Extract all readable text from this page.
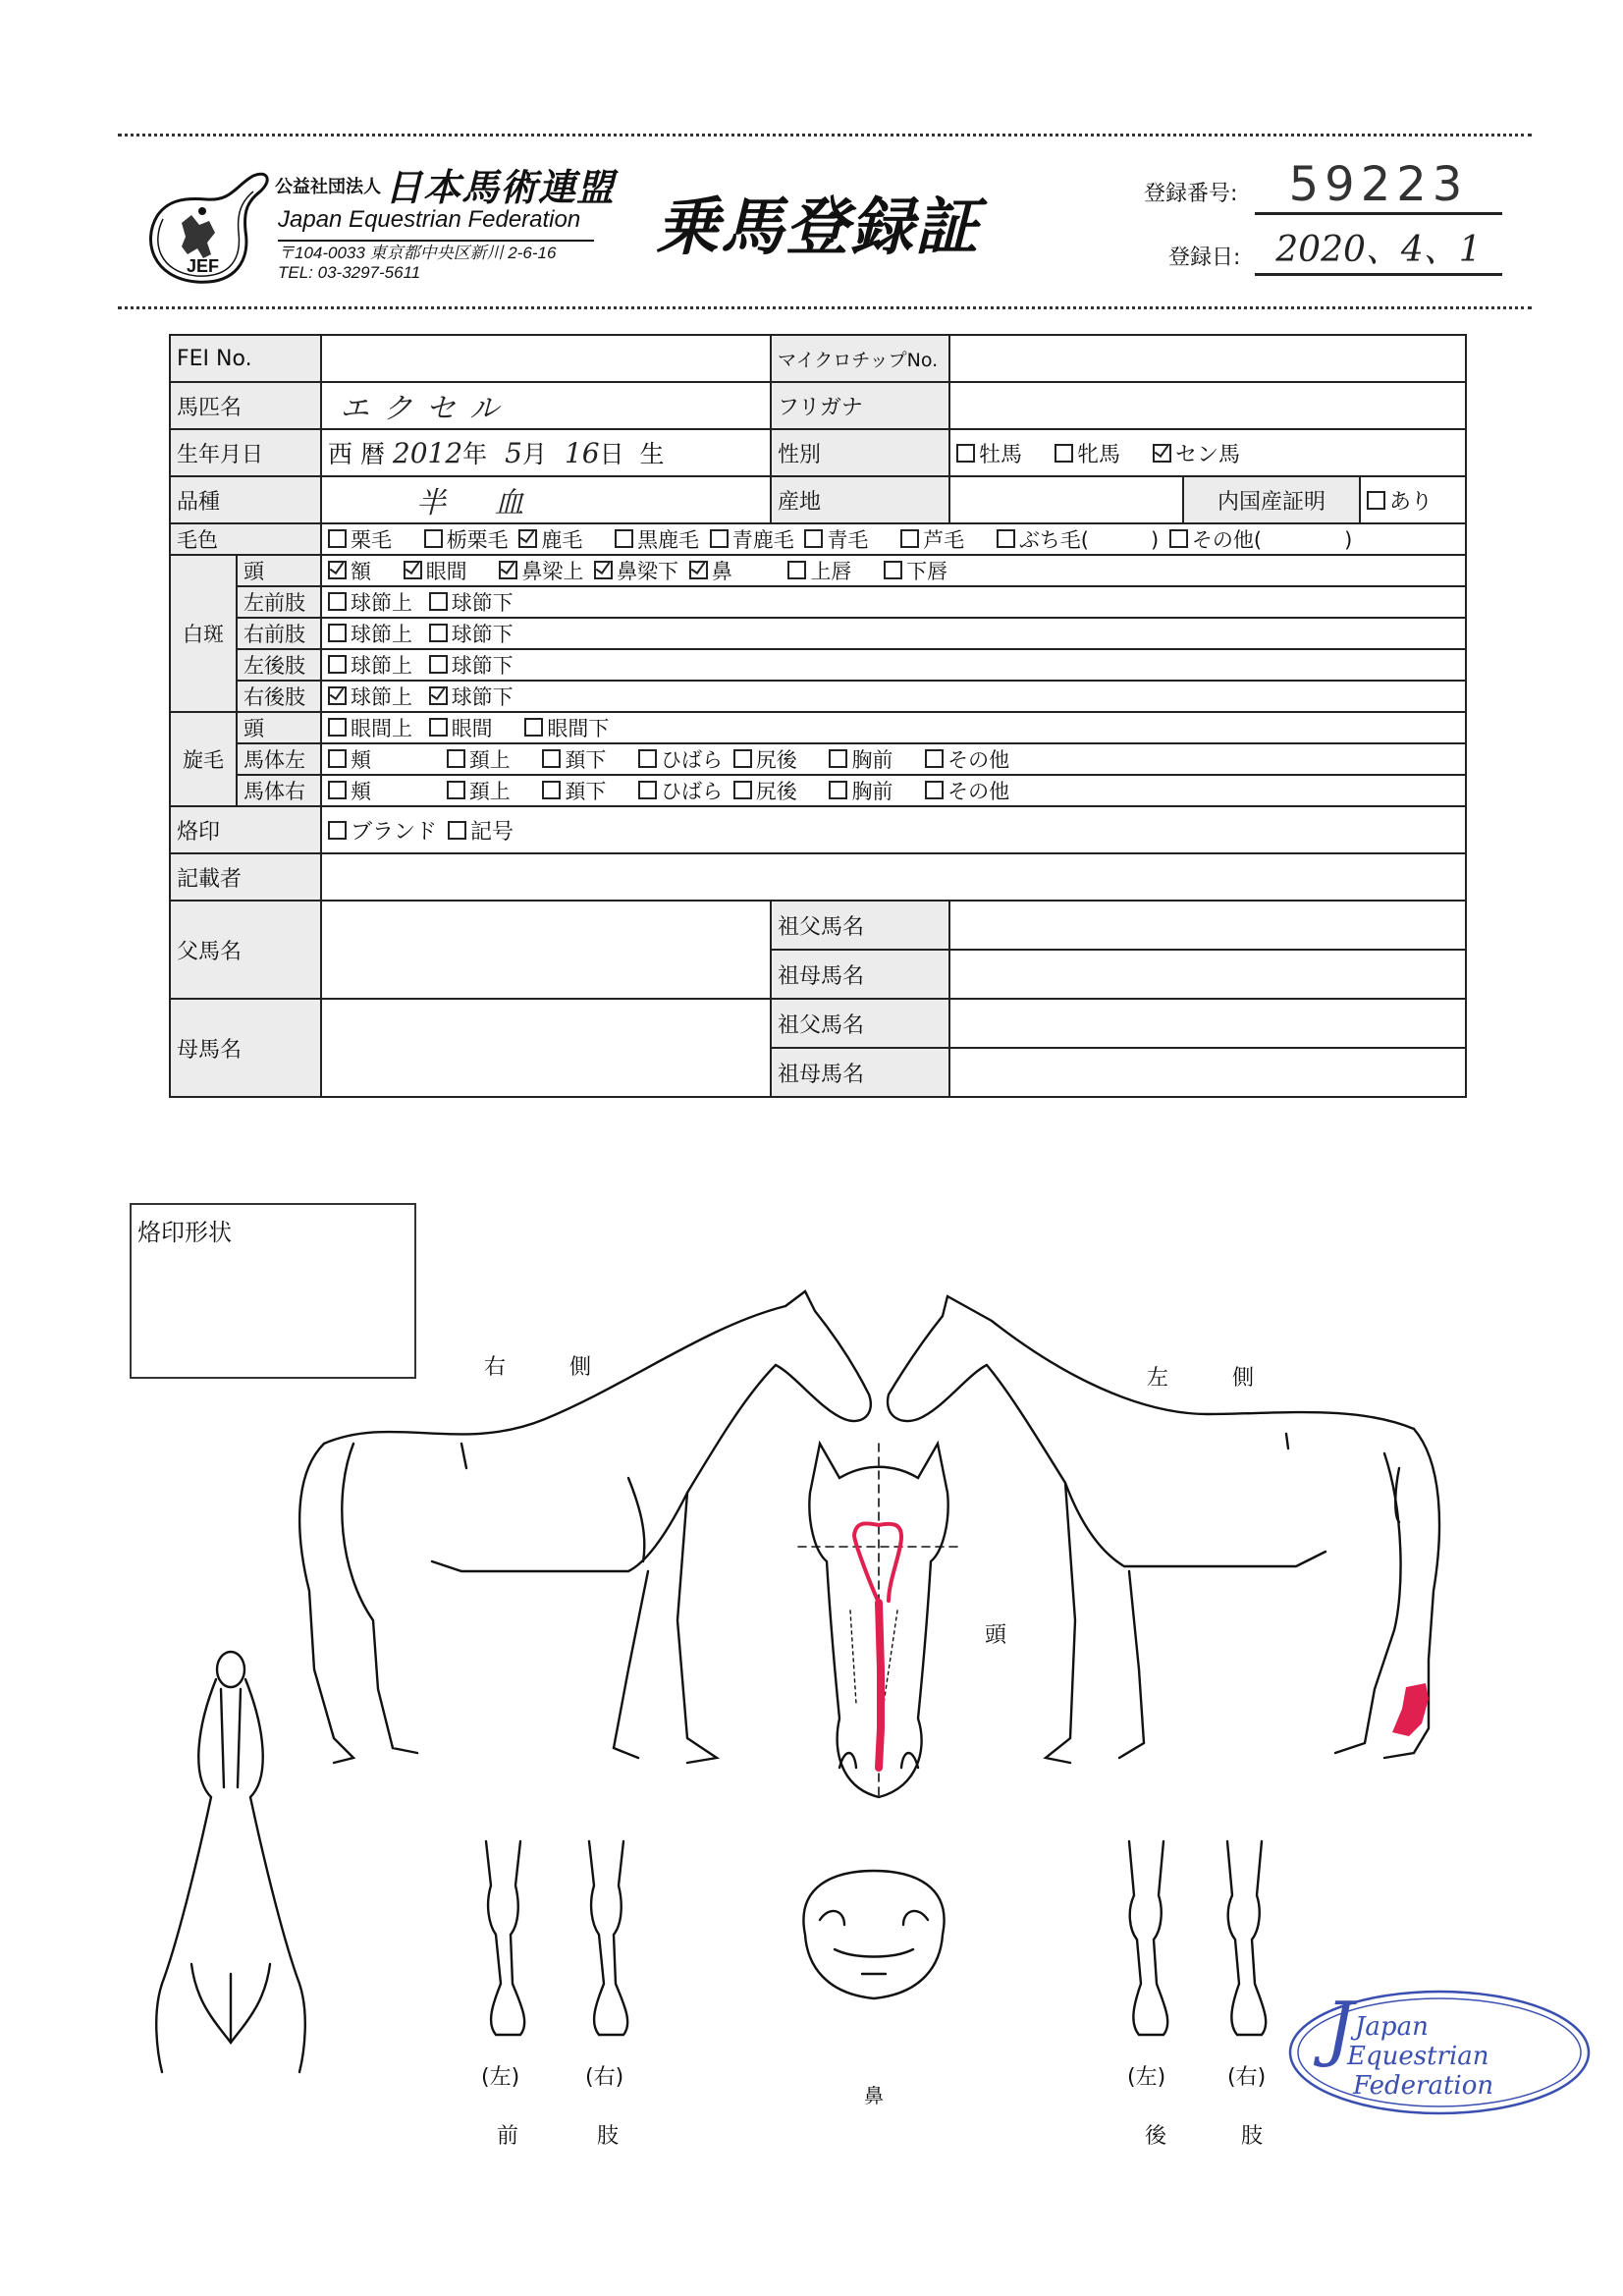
JEF
公益社団法人 日本馬術連盟
Japan Equestrian Federation
〒104-0033 東京都中央区新川 2-6-16
TEL: 03-3297-5611
乗馬登録証	登録番号:	59223
登録日: 2020、4、1
FEI No.			マイクロチップNo.			
馬匹名		エクセル	フリガナ			
生年月日		西 暦 2012年 5月 16日 生	性別	牡馬 牝馬 セン馬		
品種		半 血	産地		内国産証明	あり
毛色		栗毛 栃栗毛 鹿毛 黒鹿毛 青鹿毛 青毛 芦毛 ぶち毛(　　　) その他(　　　　)				
白斑	頭	額 眼間 鼻梁上 鼻梁下 鼻 上唇 下唇				
	左前肢	球節上 球節下				
	右前肢	球節上 球節下				
	左後肢	球節上 球節下				
	右後肢	球節上 球節下				
旋毛	頭	眼間上 眼間 眼間下				
	馬体左	頬 頚上 頚下 ひばら 尻後 胸前 その他				
	馬体右	頬 頚上 頚下 ひばら 尻後 胸前 その他				
烙印		ブランド 記号				
記載者						
父馬名			祖父馬名			
			祖母馬名			
母馬名			祖父馬名			
			祖母馬名			
烙印形状
右	側	左	側
頭
鼻
(左)	(右)
前	肢
(左)	(右)
後	肢
J Japan
Equestrian
Federation
